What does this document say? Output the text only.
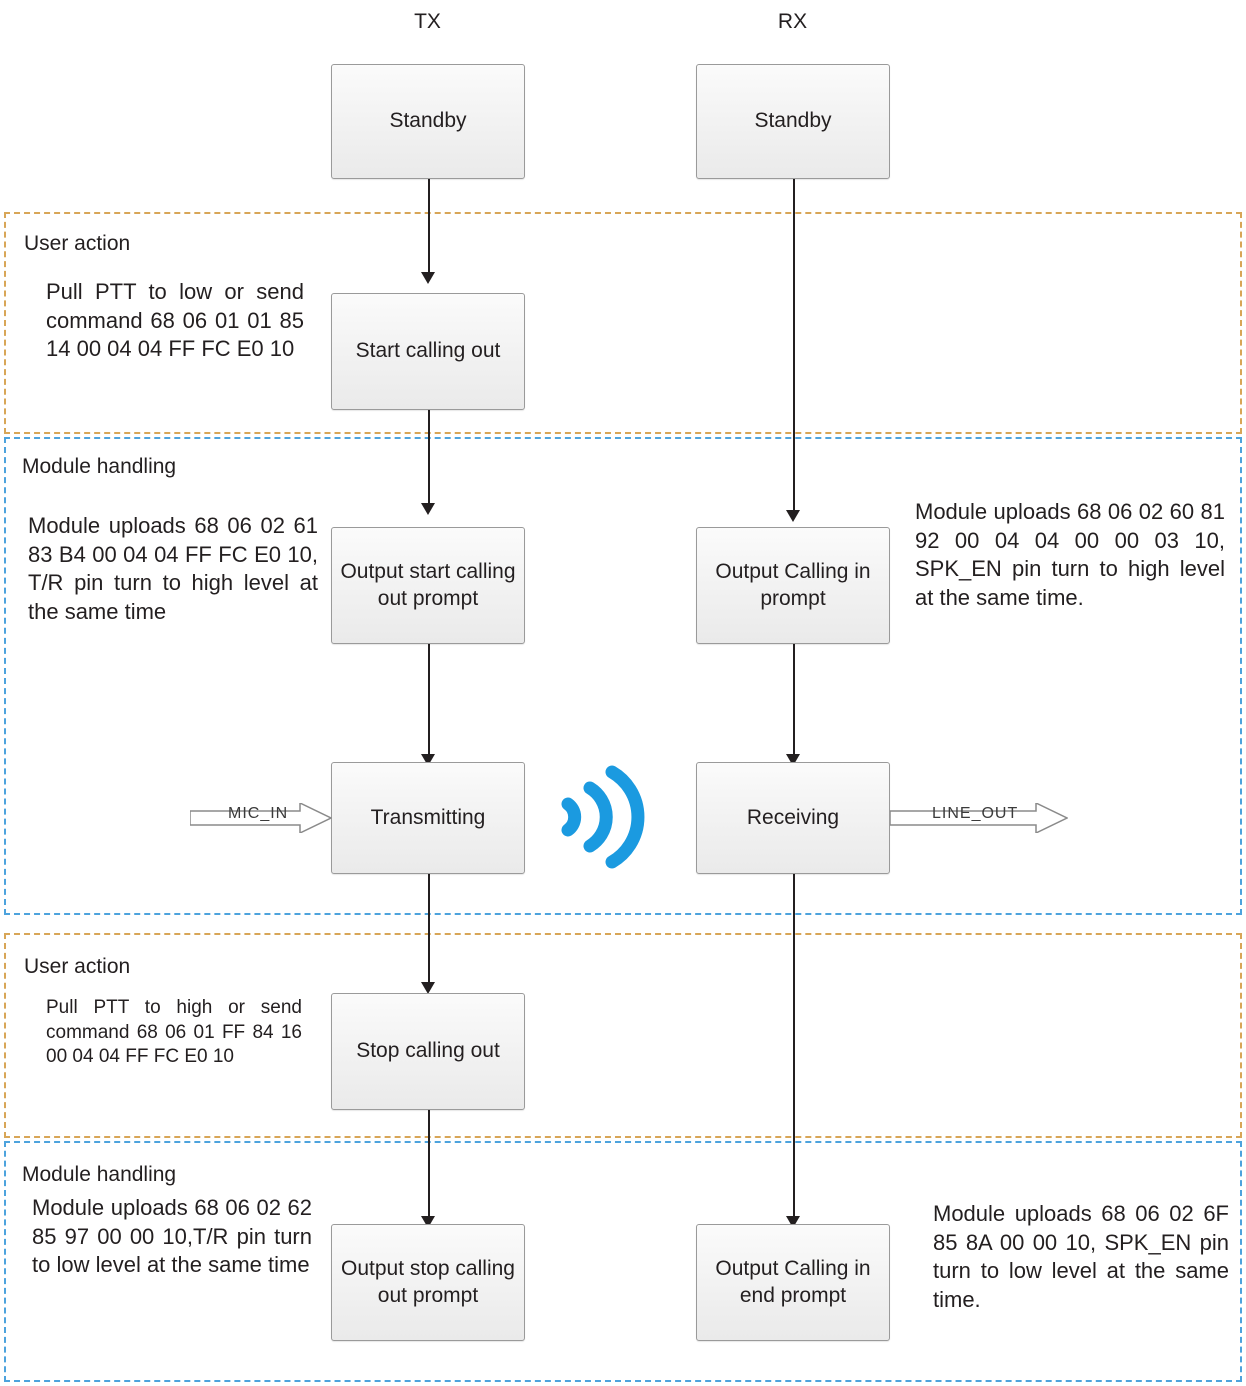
User action
Module handling
User action
Module handling
TX	RX
Standby	Standby
Start calling out
Output start calling out prompt
Output Calling in prompt
Transmitting	Receiving
Stop calling out
Output stop calling out prompt
Output Calling in end prompt
Pull PTT to low or send command 68 06 01 01 85 14 00 04 04 FF FC E0 10
Module uploads 68 06 02 61 83 B4 00 04 04 FF FC E0 10, T/R pin turn to high level at the same time
Module uploads 68 06 02 60 81 92 00 04 04 00 00 03 10, SPK_EN pin turn to high level at the same time.
Pull PTT to high or send command 68 06 01 FF 84 16 00 04 04 FF FC E0 10
Module uploads 68 06 02 62 85 97 00 00 10,T/R pin turn to low level at the same time
Module uploads 68 06 02 6F 85 8A 00 00 10, SPK_EN pin turn to low level at the same time.
MIC_IN	LINE_OUT
